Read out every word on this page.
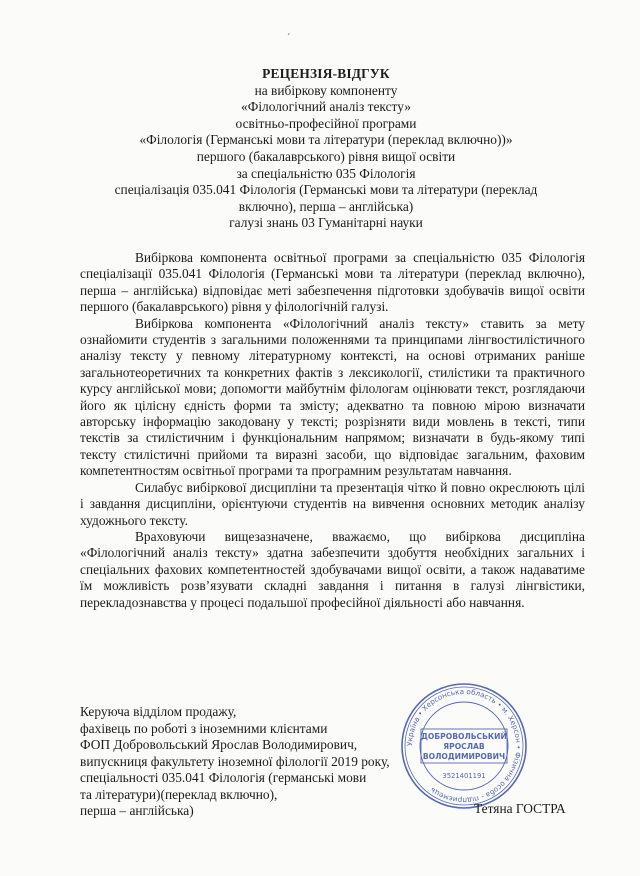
ˊ
РЕЦЕНЗІЯ-ВІДГУК
на вибіркову компоненту
«Філологічний аналіз тексту»
освітньо-професійної програми
«Філологія (Германські мови та літератури (переклад включно))»
першого (бакалаврського) рівня вищої освіти
за спеціальністю 035 Філологія
спеціалізація 035.041 Філологія (Германські мови та літератури (переклад
включно), перша – англійська)
галузі знань 03 Гуманітарні науки

Вибіркова компонента освітньої програми за спеціальністю 035 Філологія спеціалізації 035.041 Філологія (Германські мови та літератури (переклад включно), перша – англійська) відповідає меті забезпечення підготовки здобувачів вищої освіти першого (бакалаврського) рівня у філологічній галузі.

Вибіркова компонента «Філологічний аналіз тексту» ставить за мету ознайомити студентів з загальними положеннями та принципами лінгвостилістичного аналізу тексту у певному літературному контексті, на основі отриманих раніше загальнотеоретичних та конкретних фактів з лексикології, стилістики та практичного курсу англійської мови; допомогти майбутнім філологам оцінювати текст, розглядаючи його як цілісну єдність форми та змісту; адекватно та повною мірою визначати авторську інформацію закодовану у тексті; розрізняти види мовлень в текстi, типи текстів за стилістичним і функціональним напрямом; визначати в будь-якому типі тексту стилістичні прийоми та виразні засоби, що відповідає загальним, фаховим компетентностям освітньої програми та програмним результатам навчання.

Силабус вибіркової дисципліни та презентація чітко й повно окреслюють цілі і завдання дисципліни, орієнтуючи студентів на вивчення основних методик аналізу художнього тексту.

Враховуючи вищезазначене, вважаємо, що вибіркова дисципліна «Філологічний аналіз тексту» здатна забезпечити здобуття необхідних загальних і спеціальних фахових компетентностей здобувачами вищої освіти, а також надаватиме їм можливість розв’язувати складні завдання і питання в галузі лінгвістики, перекладознавства у процесі подальшої професійної діяльності або навчання.

Керуюча відділом продажу,
фахівець по роботі з іноземними клієнтами
ФОП Добровольський Ярослав Володимирович,
випускниця факультету іноземної філології 2019 року,
спеціальності 035.041 Філологія (германські мови
та літератури)(переклад включно),
перша – англійська)
Україна • Херсонська область • м. Херсон • Фізична особа - підприємець
ДОБРОВОЛЬСЬКИЙ
ЯРОСЛАВ
ВОЛОДИМИРОВИЧ
3521401191
Тетяна ГОСТРА
